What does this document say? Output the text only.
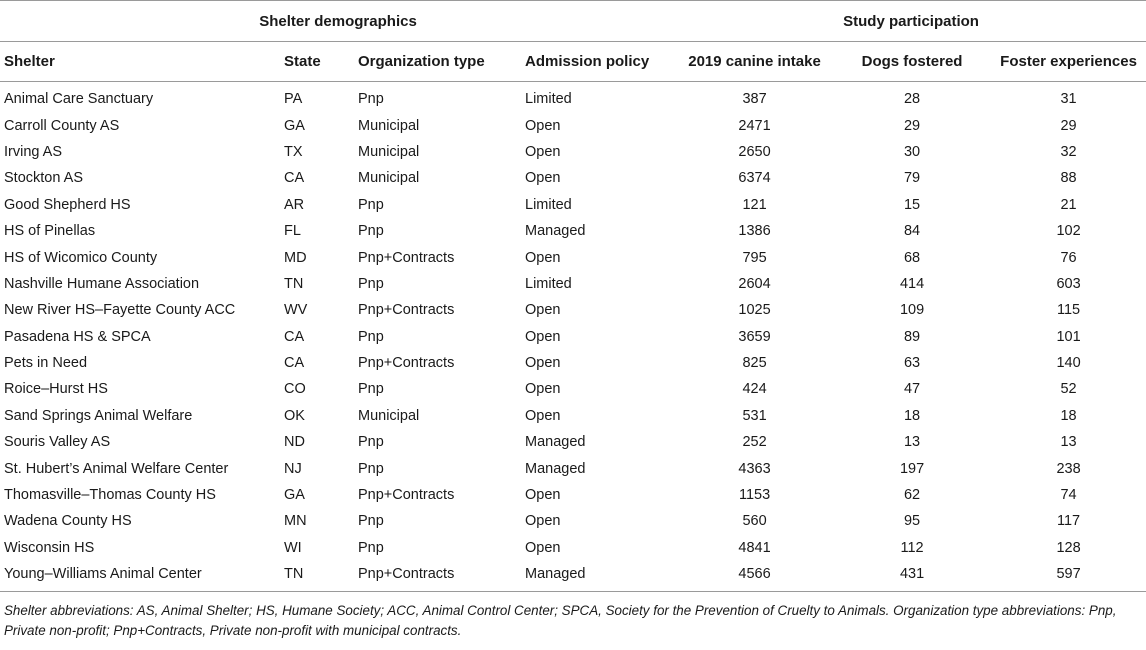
Shelter demographics				Study participation		
Shelter	State	Organization type	Admission policy	2019 canine intake	Dogs fostered	Foster experiences
Animal Care Sanctuary	PA	Pnp	Limited	387	28	31
Carroll County AS	GA	Municipal	Open	2471	29	29
Irving AS	TX	Municipal	Open	2650	30	32
Stockton AS	CA	Municipal	Open	6374	79	88
Good Shepherd HS	AR	Pnp	Limited	121	15	21
HS of Pinellas	FL	Pnp	Managed	1386	84	102
HS of Wicomico County	MD	Pnp+Contracts	Open	795	68	76
Nashville Humane Association	TN	Pnp	Limited	2604	414	603
New River HS–Fayette County ACC	WV	Pnp+Contracts	Open	1025	109	115
Pasadena HS & SPCA	CA	Pnp	Open	3659	89	101
Pets in Need	CA	Pnp+Contracts	Open	825	63	140
Roice–Hurst HS	CO	Pnp	Open	424	47	52
Sand Springs Animal Welfare	OK	Municipal	Open	531	18	18
Souris Valley AS	ND	Pnp	Managed	252	13	13
St. Hubert’s Animal Welfare Center	NJ	Pnp	Managed	4363	197	238
Thomasville–Thomas County HS	GA	Pnp+Contracts	Open	1153	62	74
Wadena County HS	MN	Pnp	Open	560	95	117
Wisconsin HS	WI	Pnp	Open	4841	112	128
Young–Williams Animal Center	TN	Pnp+Contracts	Managed	4566	431	597
Shelter abbreviations: AS, Animal Shelter; HS, Humane Society; ACC, Animal Control Center; SPCA, Society for the Prevention of Cruelty to Animals. Organization type abbreviations: Pnp, Private non-profit; Pnp+Contracts, Private non-profit with municipal contracts.
